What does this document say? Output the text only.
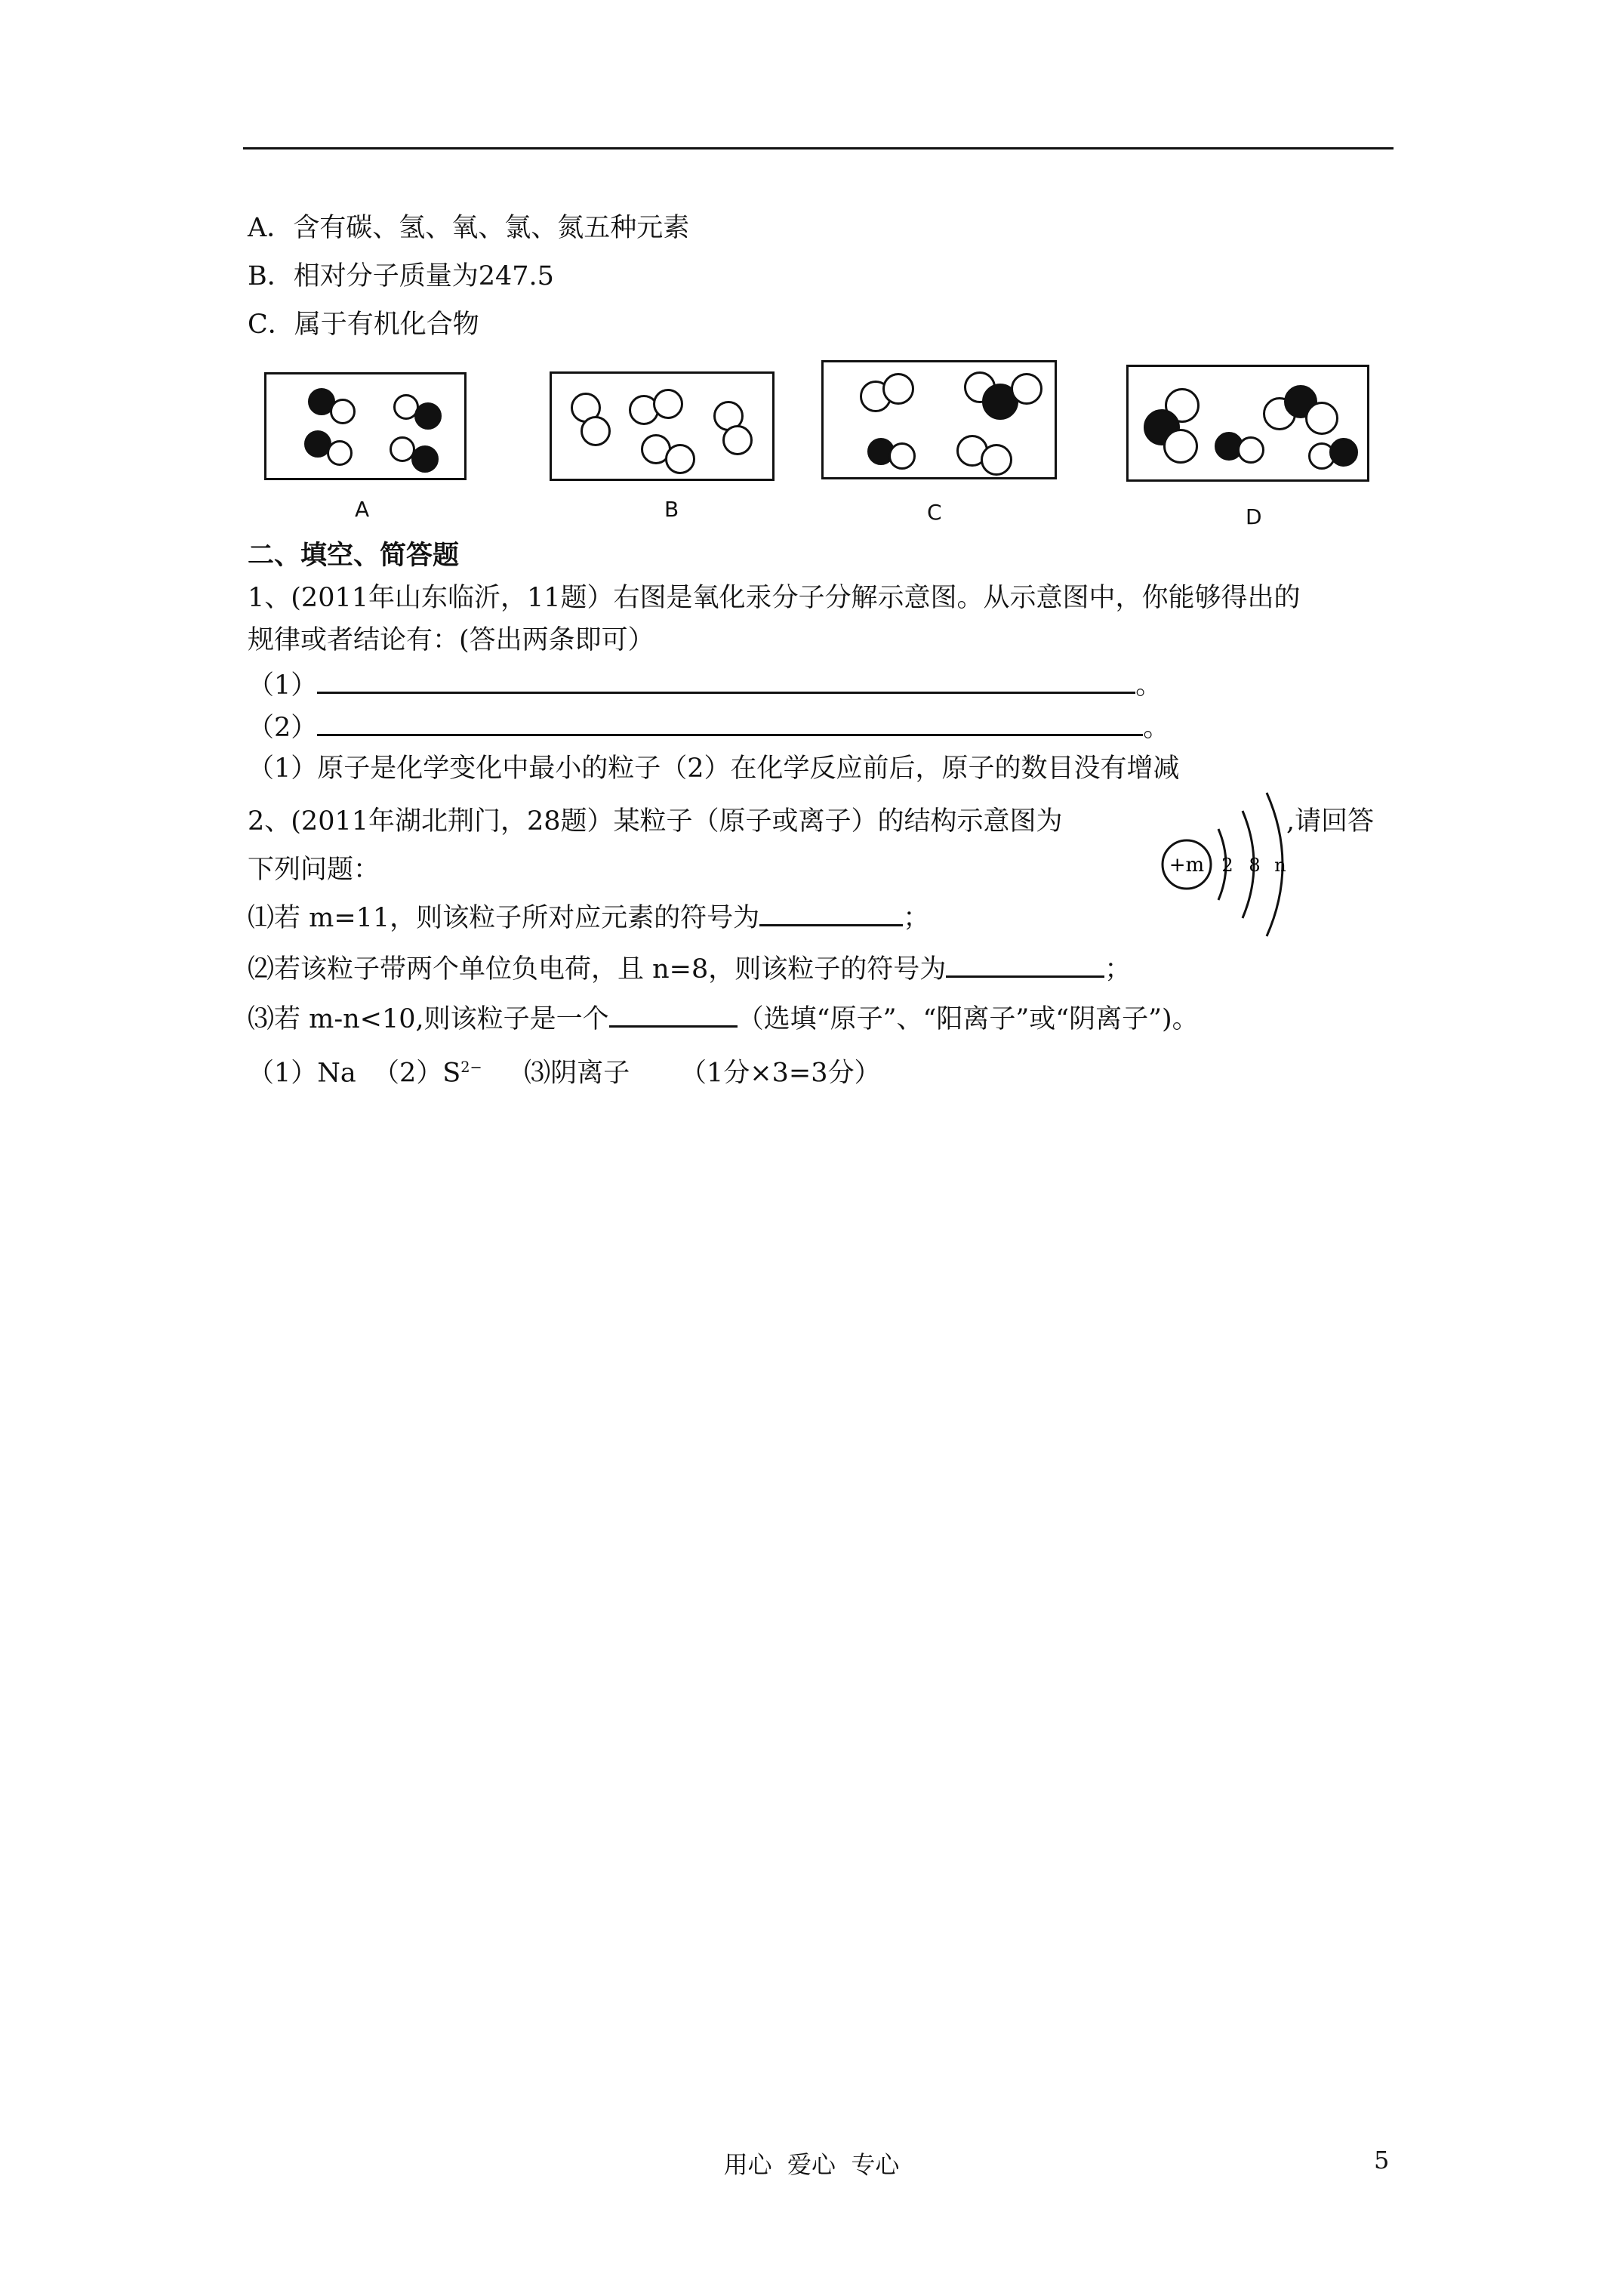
A．含有碳、氢、氧、氯、氮五种元素
B．相对分子质量为247.5
C．属于有机化合物
A	B	C	D
二、填空、简答题
1、(2011年山东临沂，11题）右图是氧化汞分子分解示意图。从示意图中，你能够得出的
规律或者结论有：(答出两条即可）
（1）	。
（2）	。
（1）原子是化学变化中最小的粒子（2）在化学反应前后，原子的数目没有增减
2、(2011年湖北荆门，28题）某粒子（原子或离子）的结构示意图为	,请回答
下列问题：	+m 2 8 n
⑴若 m=11，则该粒子所对应元素的符号为	；
⑵若该粒子带两个单位负电荷，且 n=8，则该粒子的符号为	；
⑶若 m-n<10,则该粒子是一个	（选填“原子”、“阳离子”或“阴离子”)。
（1）Na  $(2)S^{2-}$     ⑶阴离子      （1分×3=3分）
用心  爱心  专心	5
